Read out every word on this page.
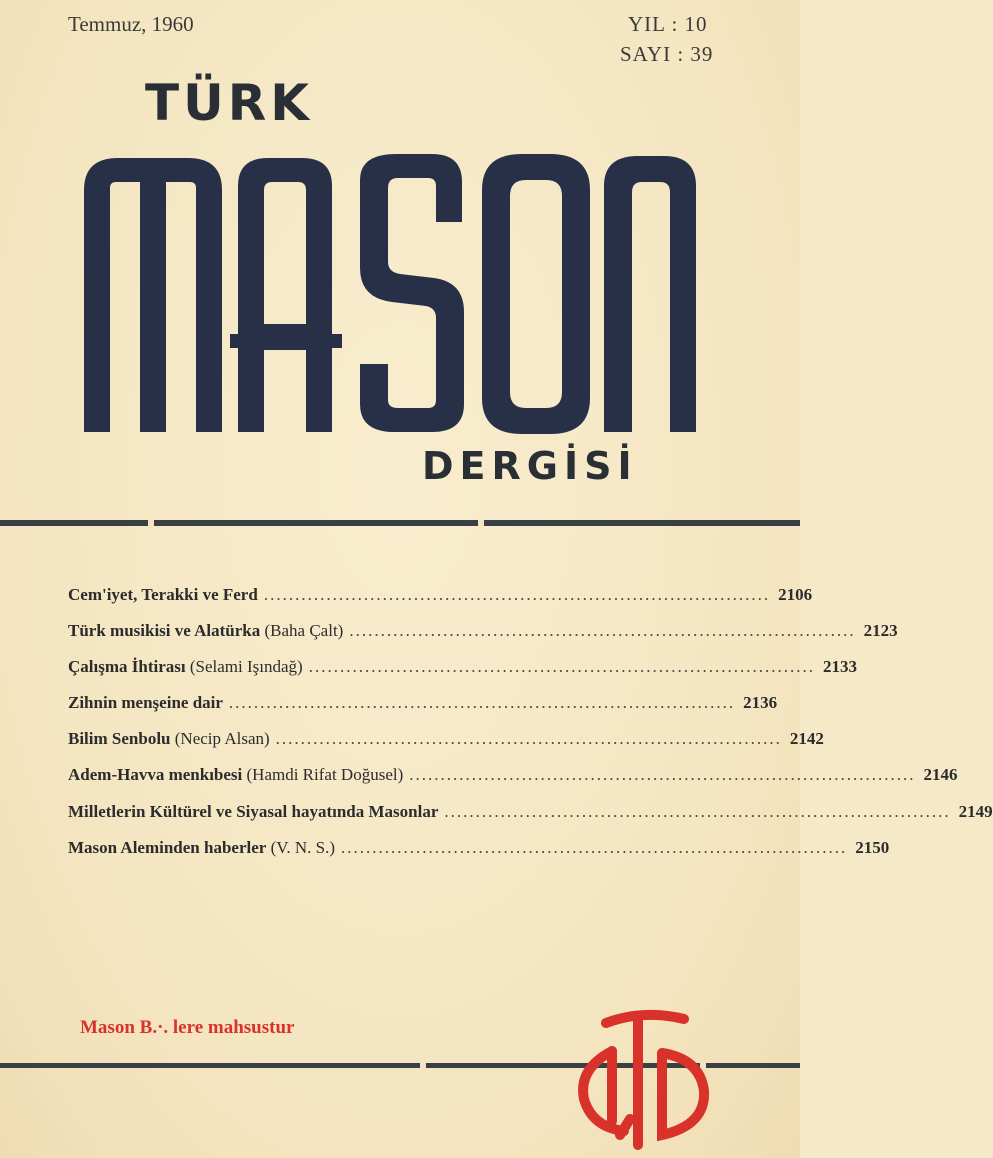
Temmuz, 1960	YIL : 10
SAYI : 39
TÜRK
DERGİSİ
Cem'iyet, Terakki ve Ferd ................................................................................. 2106
Türk musikisi ve Alatürka (Baha Çalt) ................................................................................. 2123
Çalışma İhtirası (Selami Işındağ) ................................................................................. 2133
Zihnin menşeine dair ................................................................................. 2136
Bilim Senbolu (Necip Alsan) ................................................................................. 2142
Adem-Havva menkıbesi (Hamdi Rifat Doğusel) ................................................................................. 2146
Milletlerin Kültürel ve Siyasal hayatında Masonlar ................................................................................. 2149
Mason Aleminden haberler (V. N. S.) ................................................................................. 2150
Mason B.·. lere mahsustur
